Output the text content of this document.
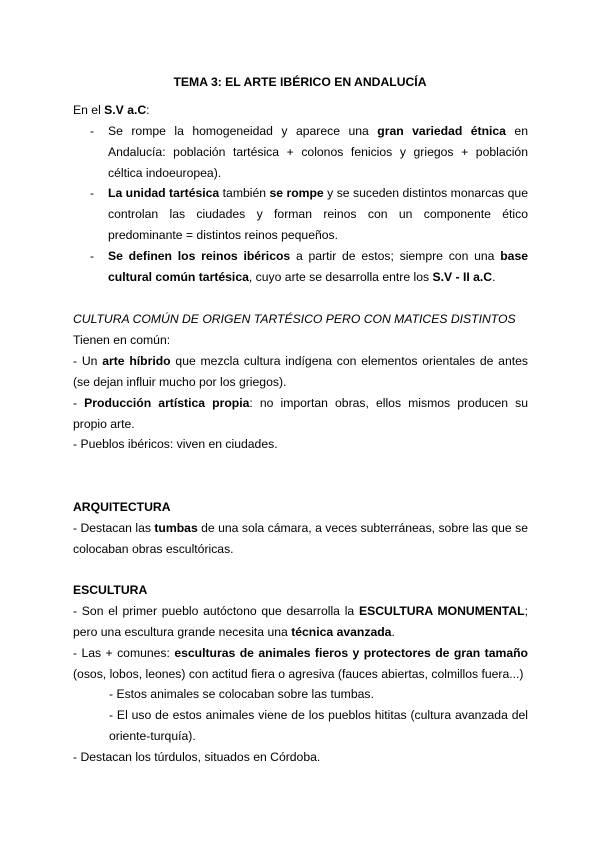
TEMA 3: EL ARTE IBÉRICO EN ANDALUCÍA
En el S.V a.C:
- Se rompe la homogeneidad y aparece una gran variedad étnica en Andalucía: población tartésica + colonos fenicios y griegos + población céltica indoeuropea).
- La unidad tartésica también se rompe y se suceden distintos monarcas que controlan las ciudades y forman reinos con un componente ético predominante = distintos reinos pequeños.
- Se definen los reinos ibéricos a partir de estos; siempre con una base cultural común tartésica, cuyo arte se desarrolla entre los S.V - II a.C.
CULTURA COMÚN DE ORIGEN TARTÉSICO PERO CON MATICES DISTINTOS
Tienen en común:
- Un arte híbrido que mezcla cultura indígena con elementos orientales de antes (se dejan influir mucho por los griegos).
- Producción artística propia: no importan obras, ellos mismos producen su propio arte.
- Pueblos ibéricos: viven en ciudades.
ARQUITECTURA
- Destacan las tumbas de una sola cámara, a veces subterráneas, sobre las que se colocaban obras escultóricas.
ESCULTURA
- Son el primer pueblo autóctono que desarrolla la ESCULTURA MONUMENTAL; pero una escultura grande necesita una técnica avanzada.
- Las + comunes: esculturas de animales fieros y protectores de gran tamaño (osos, lobos, leones) con actitud fiera o agresiva (fauces abiertas, colmillos fuera...)
- Estos animales se colocaban sobre las tumbas.
- El uso de estos animales viene de los pueblos hititas (cultura avanzada del oriente-turquía).
- Destacan los túrdulos, situados en Córdoba.
